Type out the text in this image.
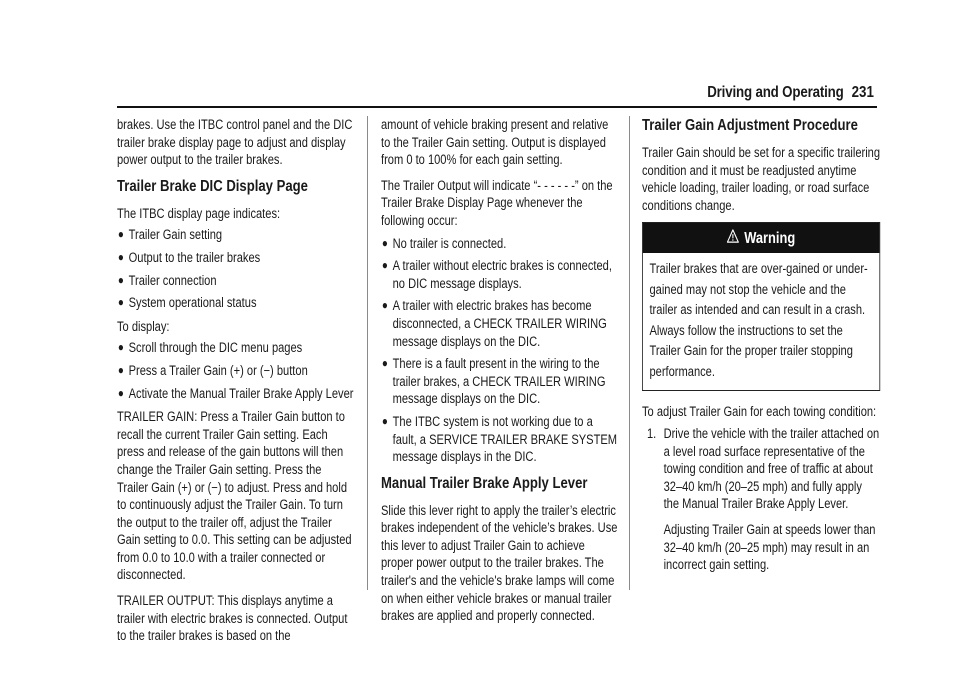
Driving and Operating 231

brakes. Use the ITBC control panel and the DIC trailer brake display page to adjust and display power output to the trailer brakes.

Trailer Brake DIC Display Page

The ITBC display page indicates:

● Trailer Gain setting
● Output to the trailer brakes
● Trailer connection
● System operational status

To display:

● Scroll through the DIC menu pages
● Press a Trailer Gain (+) or (−) button
● Activate the Manual Trailer Brake Apply Lever

TRAILER GAIN: Press a Trailer Gain button to recall the current Trailer Gain setting. Each press and release of the gain buttons will then change the Trailer Gain setting. Press the Trailer Gain (+) or (−) to adjust. Press and hold to continuously adjust the Trailer Gain. To turn the output to the trailer off, adjust the Trailer Gain setting to 0.0. This setting can be adjusted from 0.0 to 10.0 with a trailer connected or disconnected.

TRAILER OUTPUT: This displays anytime a trailer with electric brakes is connected. Output to the trailer brakes is based on the

amount of vehicle braking present and relative to the Trailer Gain setting. Output is displayed from 0 to 100% for each gain setting.

The Trailer Output will indicate “- - - - - -” on the Trailer Brake Display Page whenever the following occur:

● No trailer is connected.
● A trailer without electric brakes is connected, no DIC message displays.
● A trailer with electric brakes has become disconnected, a CHECK TRAILER WIRING message displays on the DIC.
● There is a fault present in the wiring to the trailer brakes, a CHECK TRAILER WIRING message displays on the DIC.
● The ITBC system is not working due to a fault, a SERVICE TRAILER BRAKE SYSTEM message displays in the DIC.
Manual Trailer Brake Apply Lever

Slide this lever right to apply the trailer’s electric brakes independent of the vehicle’s brakes. Use this lever to adjust Trailer Gain to achieve proper power output to the trailer brakes. The trailer's and the vehicle's brake lamps will come on when either vehicle brakes or manual trailer brakes are applied and properly connected.

Trailer Gain Adjustment Procedure

Trailer Gain should be set for a specific trailering condition and it must be readjusted anytime vehicle loading, trailer loading, or road surface conditions change.

Warning
Trailer brakes that are over-gained or under-gained may not stop the vehicle and the trailer as intended and can result in a crash. Always follow the instructions to set the Trailer Gain for the proper trailer stopping performance.

To adjust Trailer Gain for each towing condition:

1. Drive the vehicle with the trailer attached on a level road surface representative of the towing condition and free of traffic at about 32–40 km/h (20–25 mph) and fully apply the Manual Trailer Brake Apply Lever.

Adjusting Trailer Gain at speeds lower than 32–40 km/h (20–25 mph) may result in an incorrect gain setting.
